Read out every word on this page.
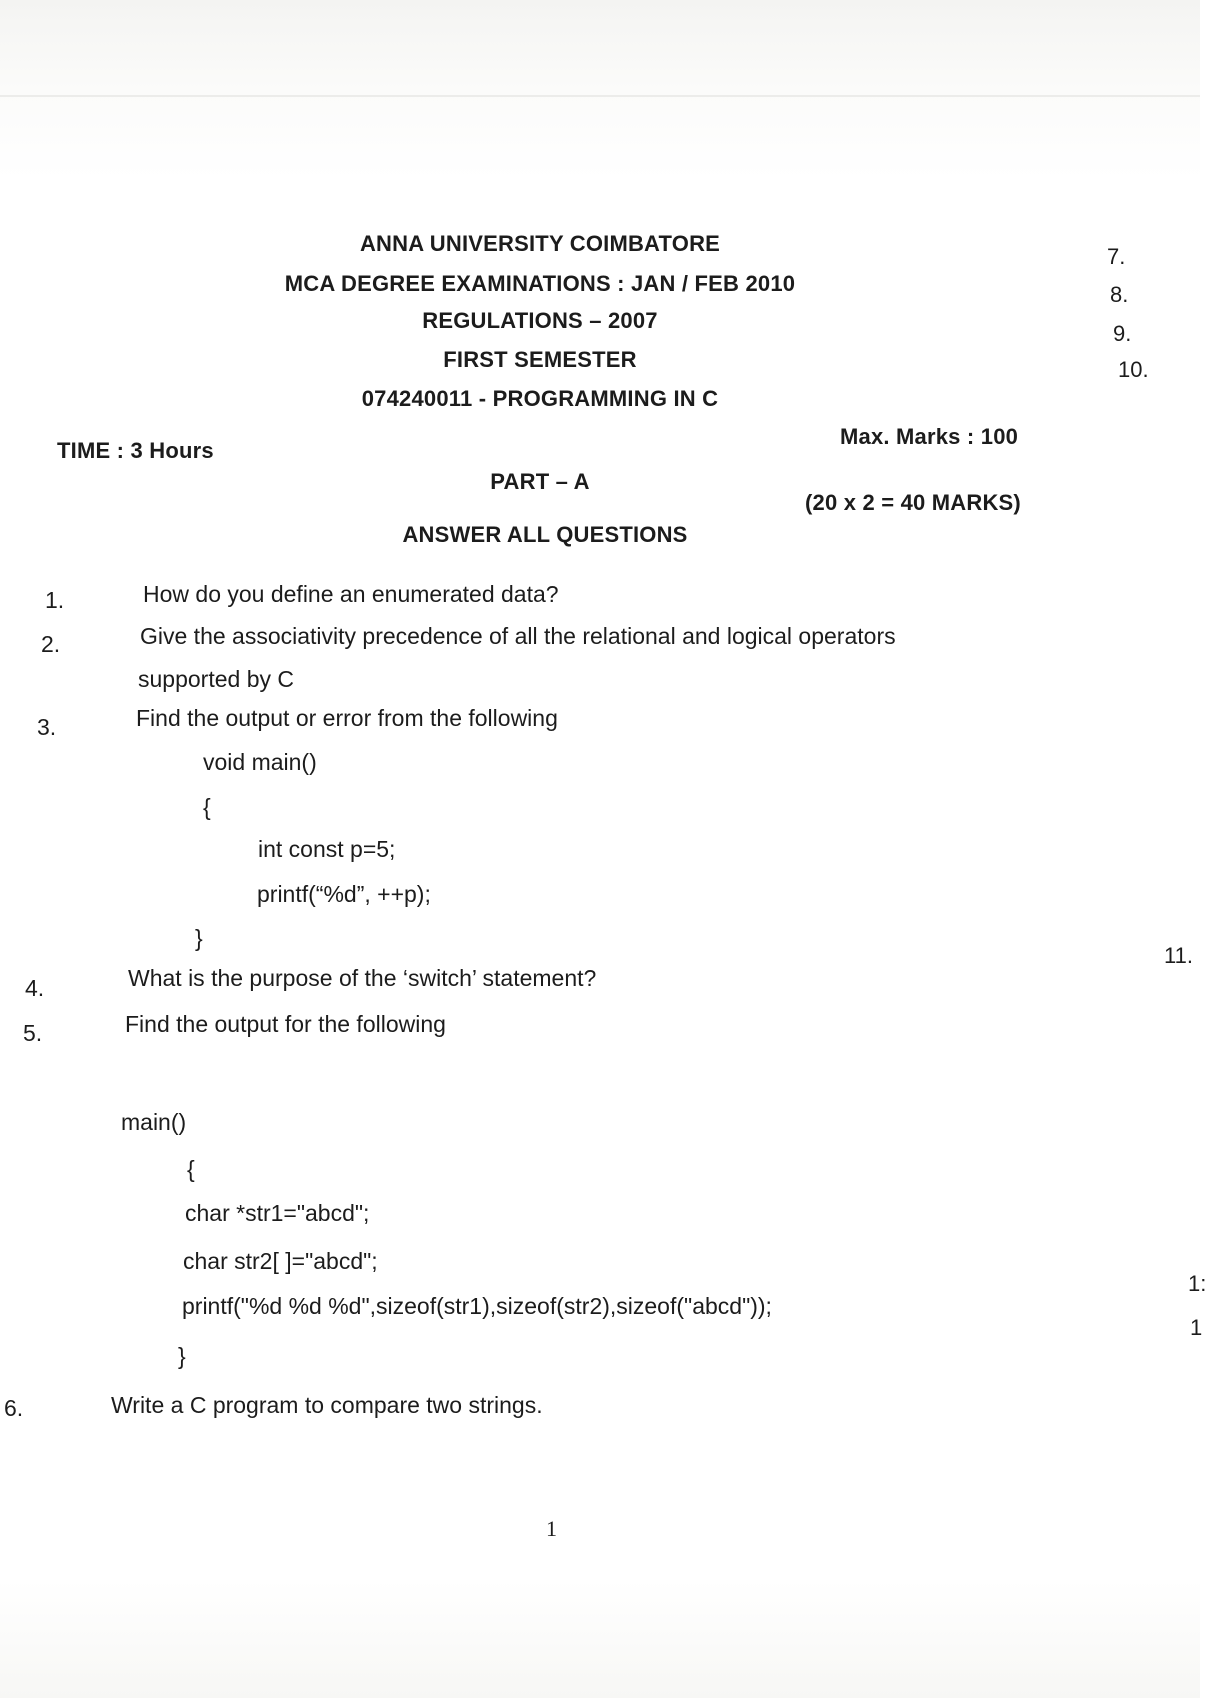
ANNA UNIVERSITY COIMBATORE
MCA DEGREE EXAMINATIONS : JAN / FEB 2010
REGULATIONS – 2007
FIRST SEMESTER
074240011 - PROGRAMMING IN C
TIME : 3 Hours
Max. Marks : 100
PART – A
(20 x 2 = 40 MARKS)
ANSWER ALL QUESTIONS
7.
8.
9.
10.
11.
1:
1
1.	How do you define an enumerated data?
2.	Give the associativity precedence of all the relational and logical operators
supported by C
3.	Find the output or error from the following
void main()
{
int const p=5;
printf(“%d”, ++p);
}
4.	What is the purpose of the ‘switch’ statement?
5.	Find the output for the following
main()
{
char *str1="abcd";
char str2[ ]="abcd";
printf("%d %d %d",sizeof(str1),sizeof(str2),sizeof("abcd"));
}
6.	Write a C program to compare two strings.
1
